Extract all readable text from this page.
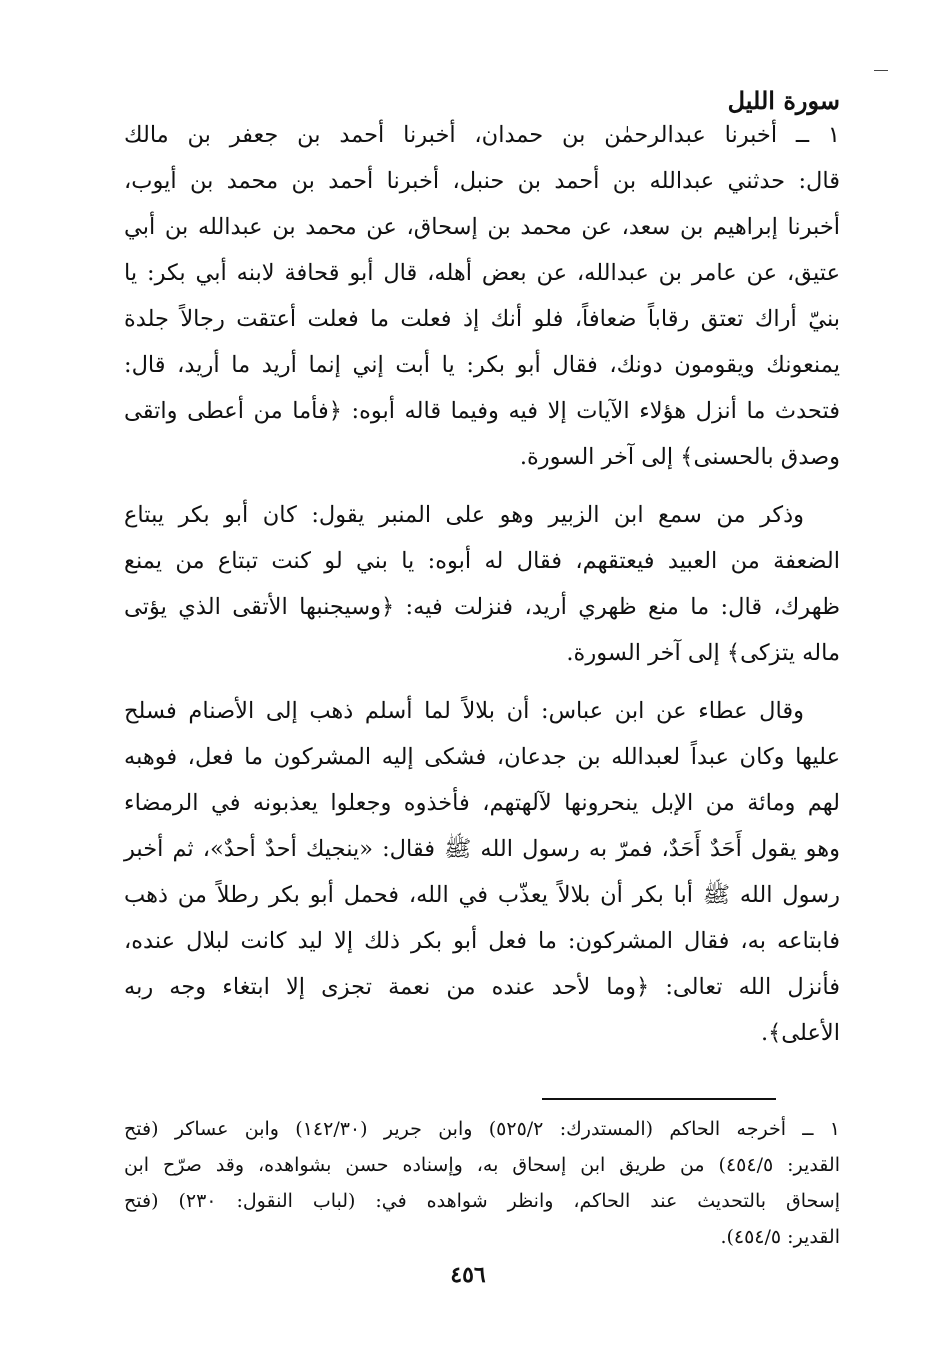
سورة الليل
١ ــ أخبرنا عبدالرحمٰن بن حمدان، أخبرنا أحمد بن جعفر بن مالك
قال: حدثني عبدالله بن أحمد بن حنبل، أخبرنا أحمد بن محمد بن أيوب،
أخبرنا إبراهيم بن سعد، عن محمد بن إسحاق، عن محمد بن عبدالله بن أبي
عتيق، عن عامر بن عبدالله، عن بعض أهله، قال أبو قحافة لابنه أبي بكر: يا
بنيّ أراك تعتق رقاباً ضعافاً، فلو أنك إذ فعلت ما فعلت أعتقت رجالاً جلدة
يمنعونك ويقومون دونك، فقال أبو بكر: يا أبت إني إنما أريد ما أريد، قال:
فتحدث ما أنزل هؤلاء الآيات إلا فيه وفيما قاله أبوه: ﴿فأما من أعطى واتقى
وصدق بالحسنى﴾ إلى آخر السورة.
وذكر من سمع ابن الزبير وهو على المنبر يقول: كان أبو بكر يبتاع
الضعفة من العبيد فيعتقهم، فقال له أبوه: يا بني لو كنت تبتاع من يمنع
ظهرك، قال: ما منع ظهري أريد، فنزلت فيه: ﴿وسيجنبها الأتقى الذي يؤتى
ماله يتزكى﴾ إلى آخر السورة.
وقال عطاء عن ابن عباس: أن بلالاً لما أسلم ذهب إلى الأصنام فسلح
عليها وكان عبداً لعبدالله بن جدعان، فشكى إليه المشركون ما فعل، فوهبه
لهم ومائة من الإبل ينحرونها لآلهتهم، فأخذوه وجعلوا يعذبونه في الرمضاء
وهو يقول أَحَدٌ أَحَدٌ، فمرّ به رسول الله ﷺ فقال: «ينجيك أحدٌ أحدٌ»، ثم أخبر
رسول الله ﷺ أبا بكر أن بلالاً يعذّب في الله، فحمل أبو بكر رطلاً من ذهب
فابتاعه به، فقال المشركون: ما فعل أبو بكر ذلك إلا ليد كانت لبلال عنده،
فأنزل الله تعالى: ﴿وما لأحد عنده من نعمة تجزى إلا ابتغاء وجه ربه
الأعلى﴾.
١ ــ أخرجه الحاكم (المستدرك: ٥٢٥/٢) وابن جرير (١٤٢/٣٠) وابن عساكر (فتح
القدير: ٤٥٤/٥) من طريق ابن إسحاق به، وإسناده حسن بشواهده، وقد صرّح ابن
إسحاق بالتحديث عند الحاكم، وانظر شواهده في: (لباب النقول: ٢٣٠) (فتح
القدير: ٤٥٤/٥).
٤٥٦
